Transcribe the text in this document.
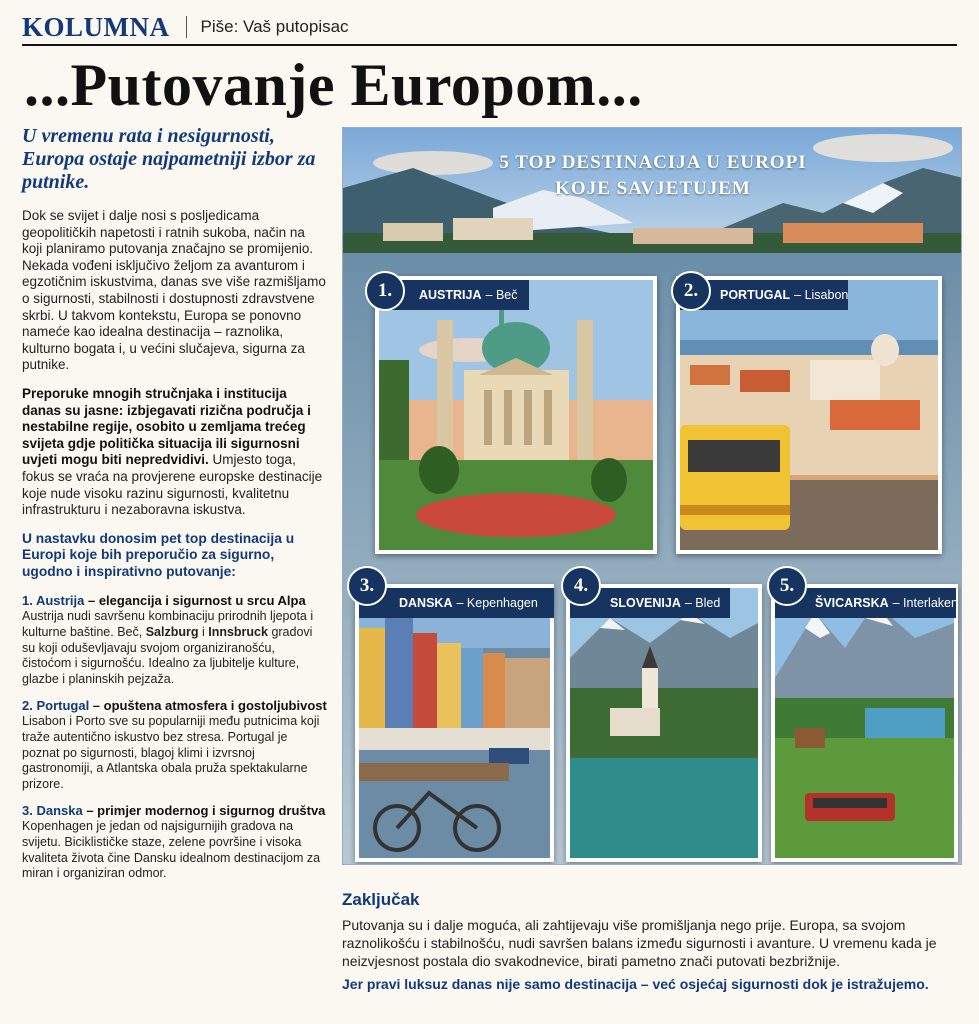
KOLUMNA Piše: Vaš putopisac
...Putovanje Europom...
U vremenu rata i nesigurnosti, Europa ostaje najpametniji izbor za putnike.
Dok se svijet i dalje nosi s posljedicama geopolitičkih napetosti i ratnih sukoba, način na koji planiramo putovanja značajno se promijenio. Nekada vođeni isključivo željom za avanturom i egzotičnim iskustvima, danas sve više razmišljamo o sigurnosti, stabilnosti i dostupnosti zdravstvene skrbi. U takvom kontekstu, Europa se ponovno nameće kao idealna destinacija – raznolika, kulturno bogata i, u većini slučajeva, sigurna za putnike.
Preporuke mnogih stručnjaka i institucija danas su jasne: izbjegavati rizična područja i nestabilne regije, osobito u zemljama trećeg svijeta gdje politička situacija ili sigurnosni uvjeti mogu biti nepredvidivi. Umjesto toga, fokus se vraća na provjerene europske destinacije koje nude visoku razinu sigurnosti, kvalitetnu infrastrukturu i nezaboravna iskustva.
U nastavku donosim pet top destinacija u Europi koje bih preporučio za sigurno, ugodno i inspirativno putovanje:
1. Austrija – elegancija i sigurnost u srcu Alpa
Austrija nudi savršenu kombinaciju prirodnih ljepota i kulturne baštine. Beč, Salzburg i Innsbruck gradovi su koji oduševljavaju svojom organiziranošću, čistoćom i sigurnošću. Idealno za ljubitelje kulture, glazbe i planinskih pejzaža.
2. Portugal – opuštena atmosfera i gostoljubivost
Lisabon i Porto sve su popularniji među putnicima koji traže autentično iskustvo bez stresa. Portugal je poznat po sigurnosti, blagoj klimi i izvrsnoj gastronomiji, a Atlantska obala pruža spektakularne prizore.
3. Danska – primjer modernog i sigurnog društva
Kopenhagen je jedan od najsigurnijih gradova na svijetu. Biciklističke staze, zelene površine i visoka kvaliteta života čine Dansku idealnom destinacijom za miran i organiziran odmor.
5 TOP DESTINACIJA U EUROPI
KOJE SAVJETUJEM
AUSTRIJA – Beč
1.	PORTUGAL – Lisabon
2.
DANSKA – Kepenhagen
3.
SLOVENIJA – Bled
4.
ŠVICARSKA – Interlaken
5.
Zaključak
Putovanja su i dalje moguća, ali zahtijevaju više promišljanja nego prije. Europa, sa svojom raznolikošću i stabilnošću, nudi savršen balans između sigurnosti i avanture. U vremenu kada je neizvjesnost postala dio svakodnevice, birati pametno znači putovati bezbrižnije.
Jer pravi luksuz danas nije samo destinacija – već osjećaj sigurnosti dok je istražujemo.
